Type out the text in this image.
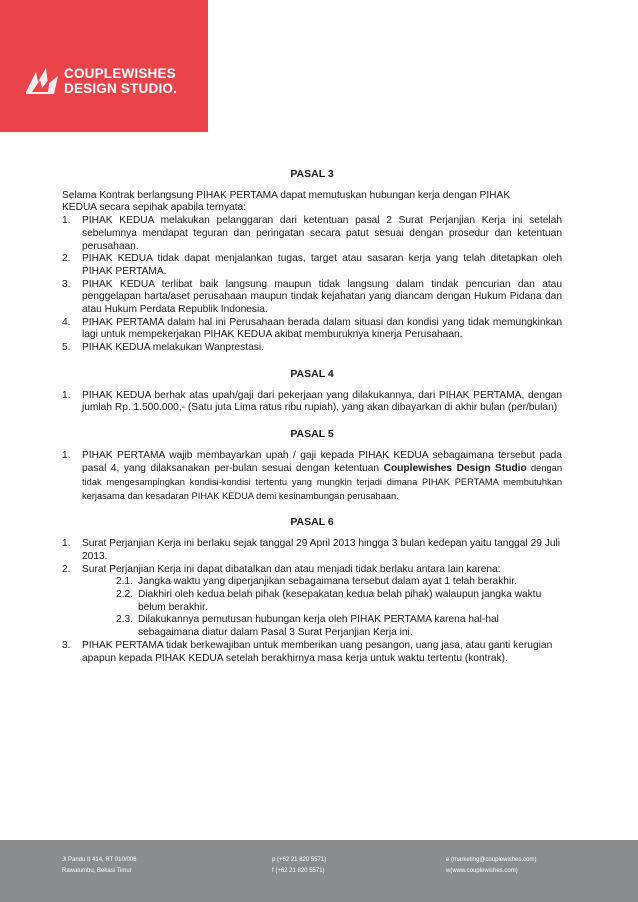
COUPLEWISHES
DESIGN STUDIO.
PASAL 3
Selama Kontrak berlangsung PIHAK PERTAMA dapat memutuskan hubungan kerja dengan PIHAK
KEDUA secara sepihak apabila ternyata:
1.	PIHAK KEDUA melakukan pelanggaran dari ketentuan pasal 2 Surat Perjanjian Kerja ini setelah sebelumnya mendapat teguran dan peringatan secara patut sesuai dengan prosedur dan ketentuan perusahaan.
2.	PIHAK KEDUA tidak dapat menjalankan tugas, target atau sasaran kerja yang telah ditetapkan oleh PIHAK PERTAMA.
3.	PIHAK KEDUA terlibat baik langsung maupun tidak langsung dalam tindak pencurian dan atau penggelapan harta/aset perusahaan maupun tindak kejahatan yang diancam dengan Hukum Pidana dan atau Hukum Perdata Republik Indonesia.
4.	PIHAK PERTAMA dalam hal ini Perusahaan berada dalam situasi dan kondisi yang tidak memungkinkan lagi untuk mempekerjakan PIHAK KEDUA akibat memburuknya kinerja Perusahaan.
5.	PIHAK KEDUA melakukan Wanprestasi.
PASAL 4
1.	PIHAK KEDUA berhak atas upah/gaji dari pekerjaan yang dilakukannya, dari PIHAK PERTAMA, dengan jumlah Rp. 1.500.000,- (Satu juta Lima ratus ribu rupiah), yang akan dibayarkan di akhir bulan (per/bulan)
PASAL 5
1.	PIHAK PERTAMA wajib membayarkan upah / gaji kepada PIHAK KEDUA sebagaimana tersebut pada pasal 4, yang dilaksanakan per-bulan sesuai dengan ketentuan Couplewishes Design Studio dengan tidak mengesampingkan kondisi-kondisi tertentu yang mungkin terjadi dimana PIHAK PERTAMA membutuhkan kerjasama dan kesadaran PIHAK KEDUA demi kesinambungan perusahaan.
PASAL 6
1.	Surat Perjanjian Kerja ini berlaku sejak tanggal 29 April 2013 hingga 3 bulan kedepan yaitu tanggal 29 Juli 2013.
2.	Surat Perjanjian Kerja ini dapat dibatalkan dan atau menjadi tidak berlaku antara lain karena:
2.1. Jangka waktu yang diperjanjikan sebagaimana tersebut dalam ayat 1 telah berakhir.
2.2. Diakhiri oleh kedua belah pihak (kesepakatan kedua belah pihak) walaupun jangka waktu belum berakhir.
2.3. Dilakukannya pemutusan hubungan kerja oleh PIHAK PERTAMA karena hal-hal sebagaimana diatur dalam Pasal 3 Surat Perjanjian Kerja ini.
3.	PIHAK PERTAMA tidak berkewajiban untuk memberikan uang pesangon, uang jasa, atau ganti kerugian apapun kepada PIHAK KEDUA setelah berakhirnya masa kerja untuk waktu tertentu (kontrak).
Jl Pandu II 414, RT 010/006
Rawalumbu, Bekasi Timur
p (+62 21 820 5571)
f (+62 21 820 5571)
e (marketing@couplewishes.com)
w(www.couplewishes.com)
